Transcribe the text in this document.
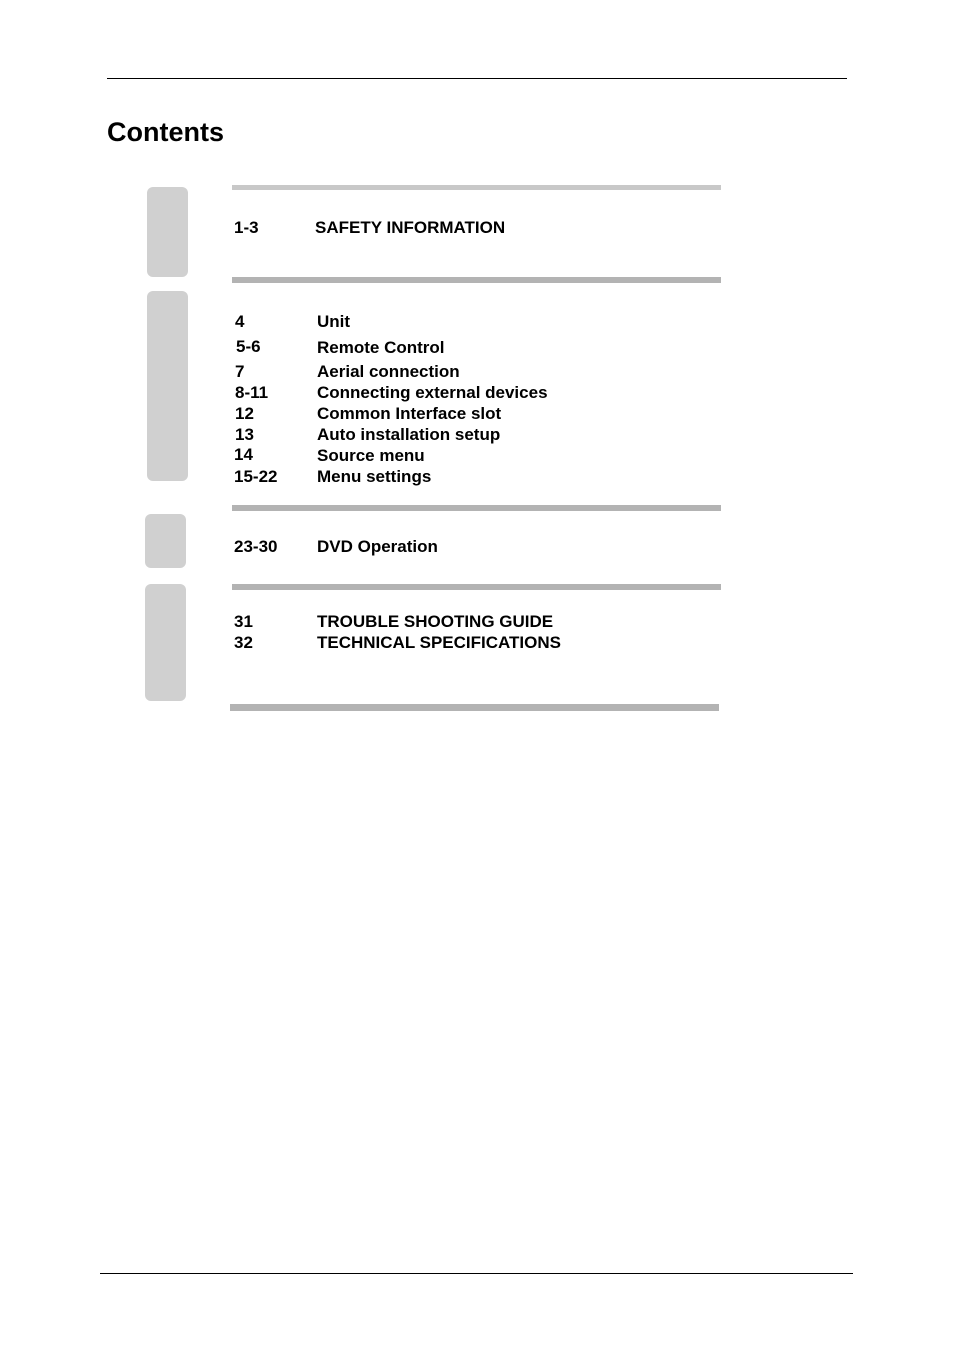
Contents
1-3	SAFETY INFORMATION
4	Unit
5-6	Remote Control
7	Aerial connection
8-11	Connecting external devices
12	Common Interface slot
13	Auto installation setup
14	Source menu
15-22 Menu settings
23-30 DVD Operation
31	TROUBLE SHOOTING GUIDE
32	TECHNICAL SPECIFICATIONS
